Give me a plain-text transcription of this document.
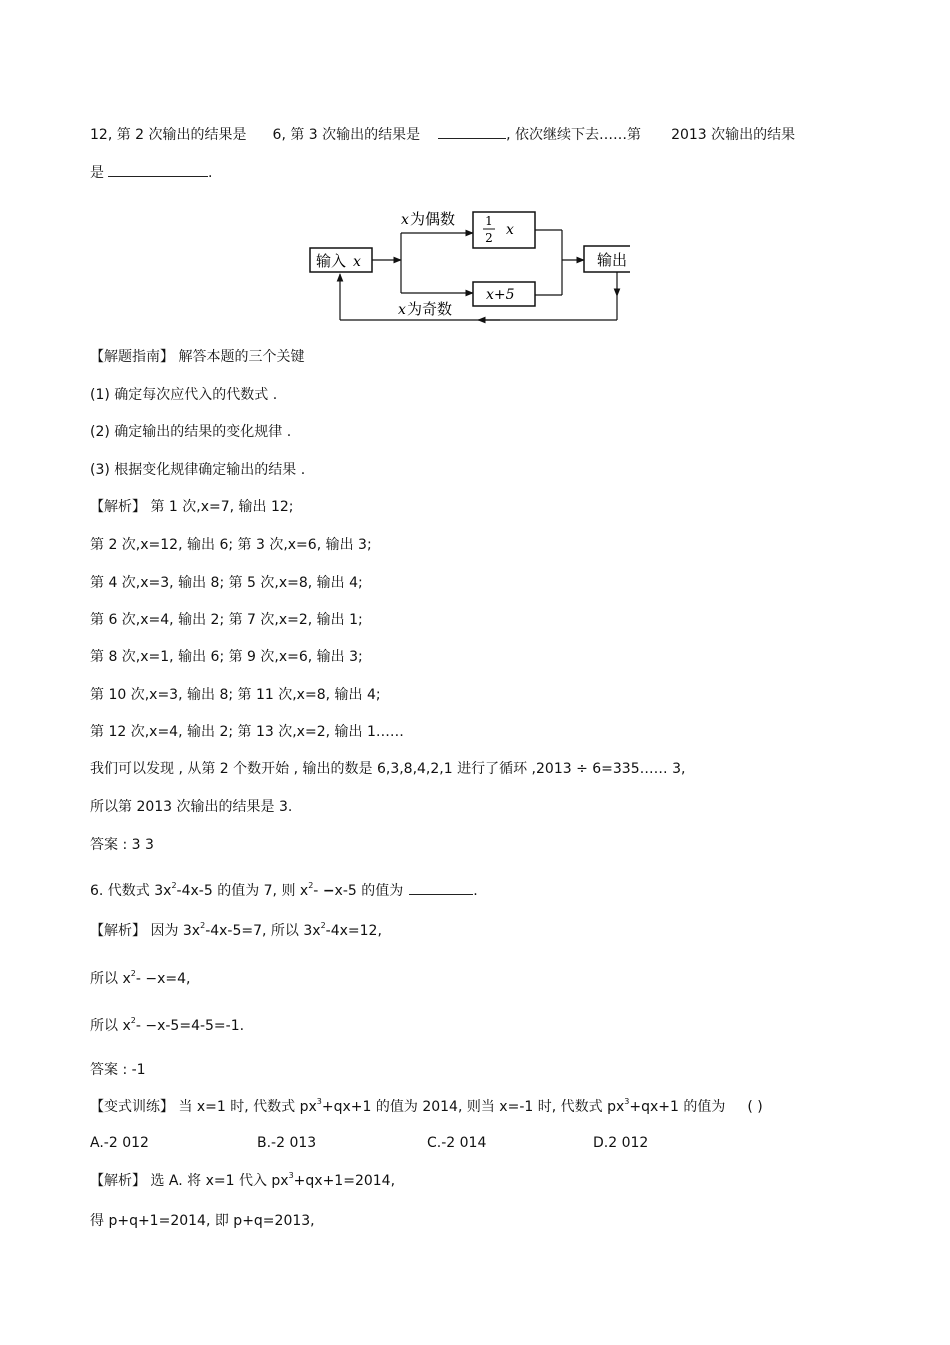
12, 第 2 次输出的结果是 6, 第 3 次输出的结果是	, 依次继续下去……第 2013 次输出的结果
是	.
输入 x
x 为偶数	1
2 x
x+5
输出
x 为奇数
【解题指南】 解答本题的三个关键
(1) 确定每次应代入的代数式 .
(2) 确定输出的结果的变化规律 .
(3) 根据变化规律确定输出的结果 .
【解析】 第 1 次,x=7, 输出 12;
第 2 次,x=12, 输出 6; 第 3 次,x=6, 输出 3;
第 4 次,x=3, 输出 8; 第 5 次,x=8, 输出 4;
第 6 次,x=4, 输出 2; 第 7 次,x=2, 输出 1;
第 8 次,x=1, 输出 6; 第 9 次,x=6, 输出 3;
第 10 次,x=3, 输出 8; 第 11 次,x=8, 输出 4;
第 12 次,x=4, 输出 2; 第 13 次,x=2, 输出 1……
我们可以发现 , 从第 2 个数开始 , 输出的数是 6,3,8,4,2,1 进行了循环 ,2013 ÷ 6=335…… 3,
所以第 2013 次输出的结果是 3.
答案 : 3 3
6. 代数式 $3x^2-4x-5$ 的值为 7, 则 $x^2- -x-5$ 的值为	.
【解析】 因为 $3x^2-4x-5=7$, 所以 $3x^2-4x=12$,
所以 $x^2- -x=4$,
所以 $x^2- -x-5=4-5=-1$.
答案 : -1
【变式训练】 当 x=1 时, 代数式 $px^3+qx+1$ 的值为 2014, 则当 x=-1 时, 代数式 $px^3+qx+1$ 的值为 ( )
A.-2 012	B.-2 013	C.-2 014	D.2 012
【解析】 选 A. 将 x=1 代入 $px^3+qx+1=2014$,
得 p+q+1=2014, 即 p+q=2013,
